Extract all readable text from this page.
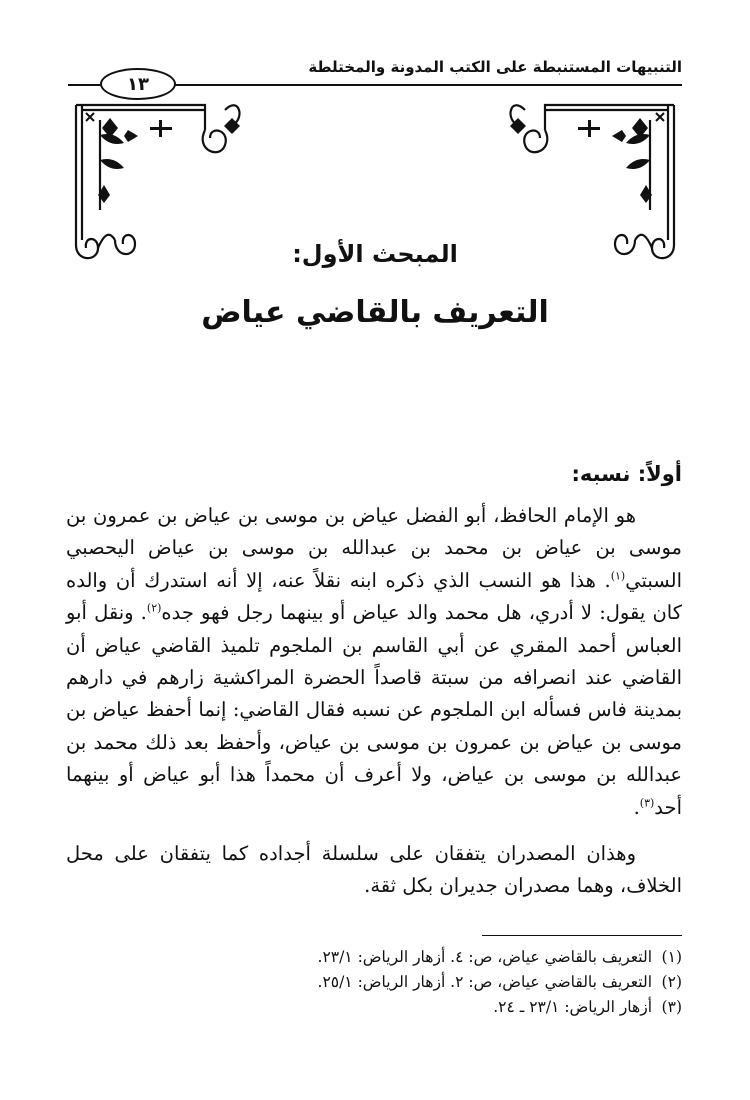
التنبيهات المستنبطة على الكتب المدونة والمختلطة
١٣
المبحث الأول:
التعريف بالقاضي عياض
أولاً: نسبه:

هو الإمام الحافظ، أبو الفضل عياض بن موسى بن عياض بن عمرون بن موسى بن عياض بن محمد بن عبدالله بن موسى بن عياض اليحصبي السبتي$^{(١)}$. هذا هو النسب الذي ذكره ابنه نقلاً عنه، إلا أنه استدرك أن والده كان يقول: لا أدري، هل محمد والد عياض أو بينهما رجل فهو جده$^{(٢)}$. ونقل أبو العباس أحمد المقري عن أبي القاسم بن الملجوم تلميذ القاضي عياض أن القاضي عند انصرافه من سبتة قاصداً الحضرة المراكشية زارهم في دارهم بمدينة فاس فسأله ابن الملجوم عن نسبه فقال القاضي: إنما أحفظ عياض بن موسى بن عياض بن عمرون بن موسى بن عياض، وأحفظ بعد ذلك محمد بن عبدالله بن موسى بن عياض، ولا أعرف أن محمداً هذا أبو عياض أو بينهما أحد$^{(٣)}$.

وهذان المصدران يتفقان على سلسلة أجداده كما يتفقان على محل الخلاف، وهما مصدران جديران بكل ثقة.

(١)التعريف بالقاضي عياض، ص: ٤. أزهار الرياض: ٢٣/١.
(٢)التعريف بالقاضي عياض، ص: ٢. أزهار الرياض: ٢٥/١.
(٣)أزهار الرياض: ٢٣/١ ـ ٢٤.
